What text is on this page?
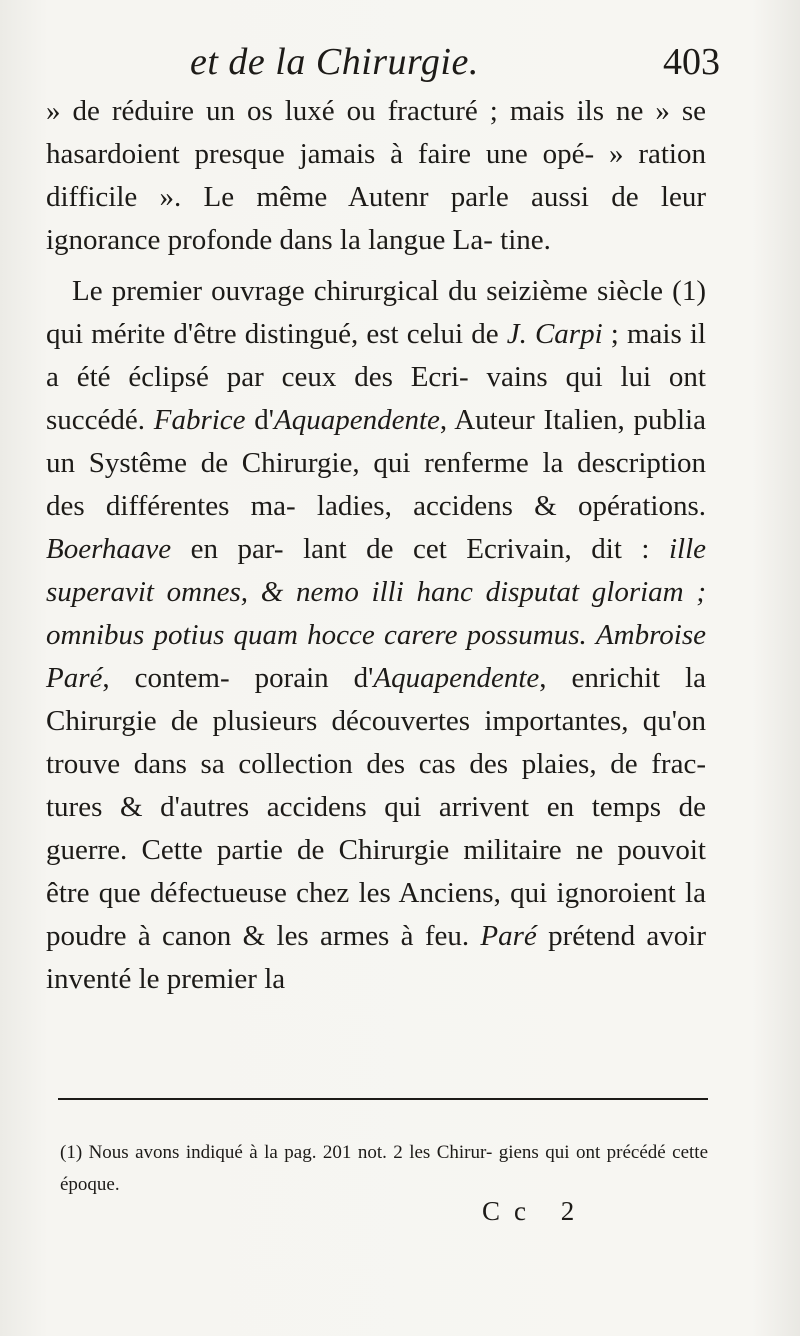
et de la Chirurgie.	403

» de réduire un os luxé ou fracturé ; mais ils ne » se hasardoient presque jamais à faire une opé- » ration difficile ». Le même Autenr parle aussi de leur ignorance profonde dans la langue La- tine.

Le premier ouvrage chirurgical du seizième siècle (1) qui mérite d'être distingué, est celui de J. Carpi ; mais il a été éclipsé par ceux des Ecri- vains qui lui ont succédé. Fabrice d'Aquapendente, Auteur Italien, publia un Systême de Chirurgie, qui renferme la description des différentes ma- ladies, accidens & opérations. Boerhaave en par- lant de cet Ecrivain, dit : ille superavit omnes, & nemo illi hanc disputat gloriam ; omnibus potius quam hocce carere possumus. Ambroise Paré, contem- porain d'Aquapendente, enrichit la Chirurgie de plusieurs découvertes importantes, qu'on trouve dans sa collection des cas des plaies, de frac- tures & d'autres accidens qui arrivent en temps de guerre. Cette partie de Chirurgie militaire ne pouvoit être que défectueuse chez les Anciens, qui ignoroient la poudre à canon & les armes à feu. Paré prétend avoir inventé le premier la

(1) Nous avons indiqué à la pag. 201 not. 2 les Chirur- giens qui ont précédé cette époque.
Cc 2
